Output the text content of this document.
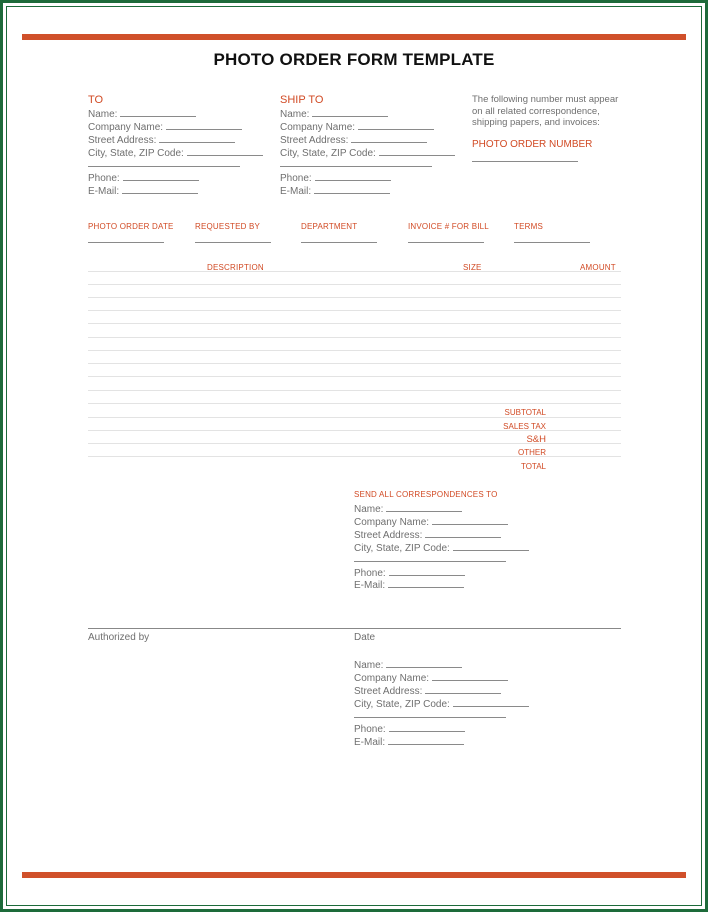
PHOTO ORDER FORM TEMPLATE
TO
Name:
Company Name:
Street Address:
City, State, ZIP Code:
Phone:
E-Mail:
SHIP TO
Name:
Company Name:
Street Address:
City, State, ZIP Code:
Phone:
E-Mail:
The following number must appear
on all related correspondence,
shipping papers, and invoices:
PHOTO ORDER NUMBER
PHOTO ORDER DATE	REQUESTED BY	DEPARTMENT	INVOICE # FOR BILL	TERMS
DESCRIPTION	SIZE	AMOUNT
SUBTOTAL
SALES TAX
S&H
OTHER
TOTAL
SEND ALL CORRESPONDENCES TO
Name:
Company Name:
Street Address:
City, State, ZIP Code:
Phone:
E-Mail:
Authorized by	Date
Name:
Company Name:
Street Address:
City, State, ZIP Code:
Phone:
E-Mail:
